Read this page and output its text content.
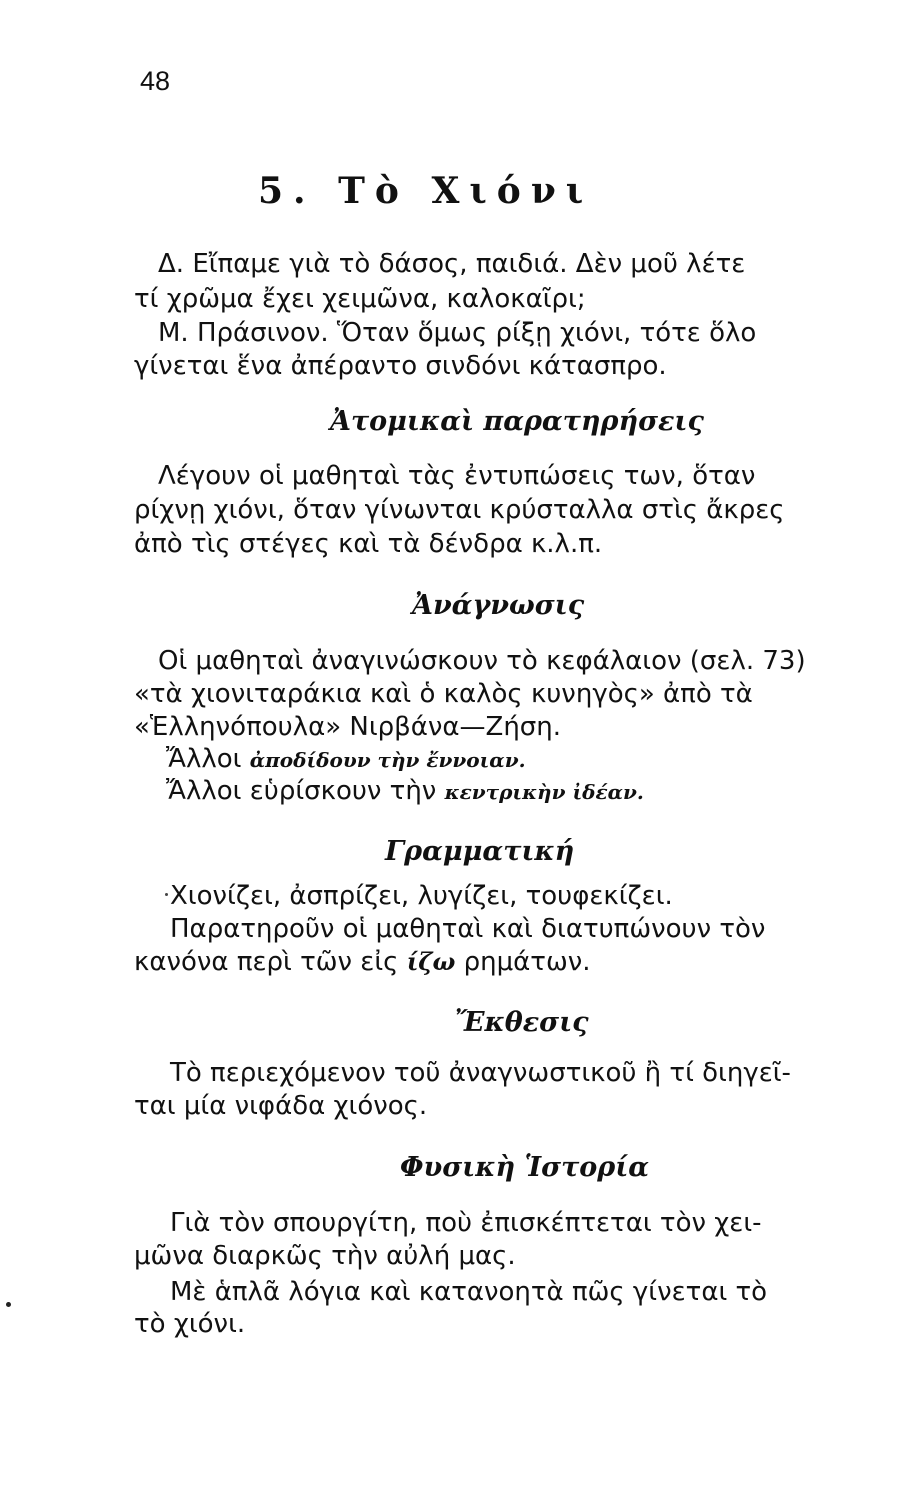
48
5. Τὸ Χιόνι
Δ. Εἴπαμε γιὰ τὸ δάσος, παιδιά. Δὲν μοῦ λέτε
τί χρῶμα ἔχει χειμῶνα, καλοκαῖρι;
Μ. Πράσινον. Ὅταν ὅμως ρίξῃ χιόνι, τότε ὅλο
γίνεται ἕνα ἀπέραντο σινδόνι κάτασπρο.
Ἀτομικαὶ παρατηρήσεις
Λέγουν οἱ μαθηταὶ τὰς ἐντυπώσεις των, ὅταν
ρίχνῃ χιόνι, ὅταν γίνωνται κρύσταλλα στὶς ἄκρες
ἀπὸ τὶς στέγες καὶ τὰ δένδρα κ.λ.π.
Ἀνάγνωσις
Οἱ μαθηταὶ ἀναγινώσκουν τὸ κεφάλαιον (σελ. 73)
«τὰ χιονιταράκια καὶ ὁ καλὸς κυνηγὸς» ἀπὸ τὰ
«Ἑλληνόπουλα» Νιρβάνα—Ζήση.
Ἄλλοι ἀποδίδουν τὴν ἔννοιαν.
Ἄλλοι εὑρίσκουν τὴν κεντρικὴν ἰδέαν.
Γραμματική
Χιονίζει, ἀσπρίζει, λυγίζει, τουφεκίζει.
Παρατηροῦν οἱ μαθηταὶ καὶ διατυπώνουν τὸν
κανόνα περὶ τῶν εἰς ίζω ρημάτων.
Ἔκθεσις
Τὸ περιεχόμενον τοῦ ἀναγνωστικοῦ ἢ τί διηγεῖ-
ται μία νιφάδα χιόνος.
Φυσικὴ Ἱστορία
Γιὰ τὸν σπουργίτη, ποὺ ἐπισκέπτεται τὸν χει-
μῶνα διαρκῶς τὴν αὐλή μας.
Μὲ ἁπλᾶ λόγια καὶ κατανοητὰ πῶς γίνεται τὸ
τὸ χιόνι.
